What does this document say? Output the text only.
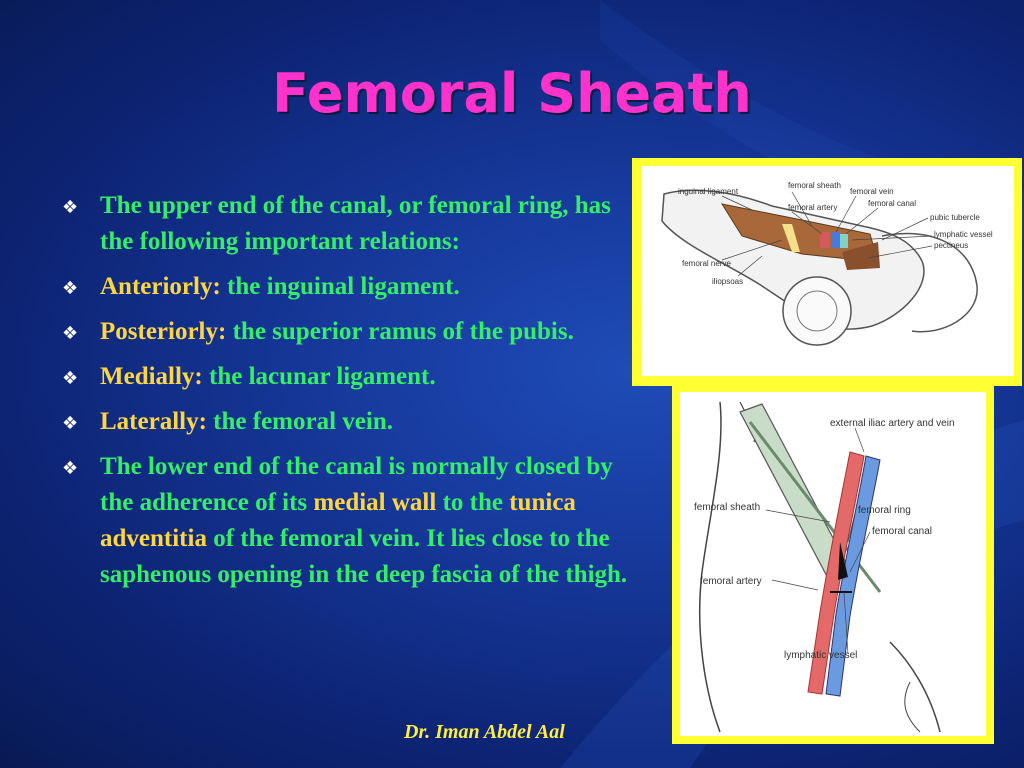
Femoral Sheath
❖ The upper end of the canal, or femoral ring, has the following important relations:
❖ Anteriorly: the inguinal ligament.
❖ Posteriorly: the superior ramus of the pubis.
❖ Medially: the lacunar ligament.
❖ Laterally: the femoral vein.
❖ The lower end of the canal is normally closed by the adherence of its medial wall to the tunica adventitia of the femoral vein. It lies close to the saphenous opening in the deep fascia of the thigh.
Dr. Iman Abdel Aal
inguinal ligament
femoral sheath
femoral artery
femoral vein
femoral canal
pubic tubercle
lymphatic vessel
pectineus
femoral nerve
iliopsoas
external iliac artery and vein
femoral sheath	femoral ring
femoral canal
femoral artery
lymphatic vessel
